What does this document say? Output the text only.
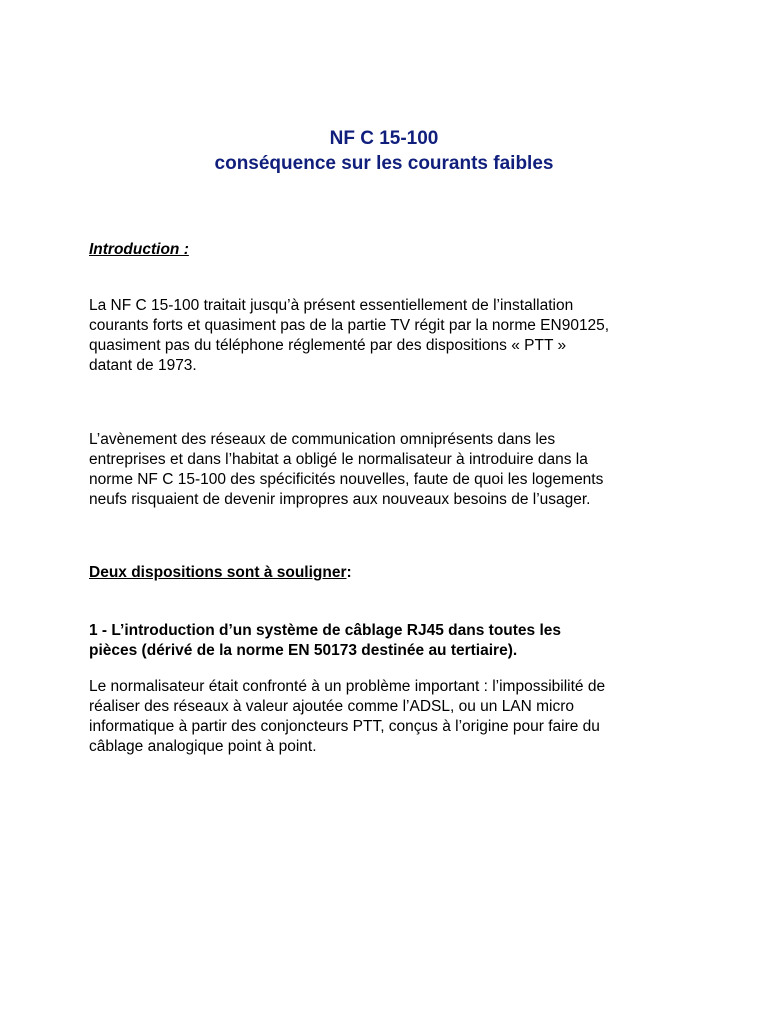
NF C 15-100
conséquence sur les courants faibles
Introduction :
La NF C 15-100 traitait jusqu’à présent essentiellement de l’installation
courants forts et quasiment pas de la partie TV régit par la norme EN90125,
quasiment pas du téléphone réglementé par des dispositions « PTT »
datant de 1973.
L’avènement des réseaux de communication omniprésents dans les
entreprises et dans l’habitat a obligé le normalisateur à introduire dans la
norme NF C 15-100 des spécificités nouvelles, faute de quoi les logements
neufs risquaient de devenir impropres aux nouveaux besoins de l’usager.
Deux dispositions sont à souligner:
1 - L’introduction d’un système de câblage RJ45 dans toutes les
pièces (dérivé de la norme EN 50173 destinée au tertiaire).
Le normalisateur était confronté à un problème important : l’impossibilité de
réaliser des réseaux à valeur ajoutée comme l’ADSL, ou un LAN micro
informatique à partir des conjoncteurs PTT, conçus à l’origine pour faire du
câblage analogique point à point.
